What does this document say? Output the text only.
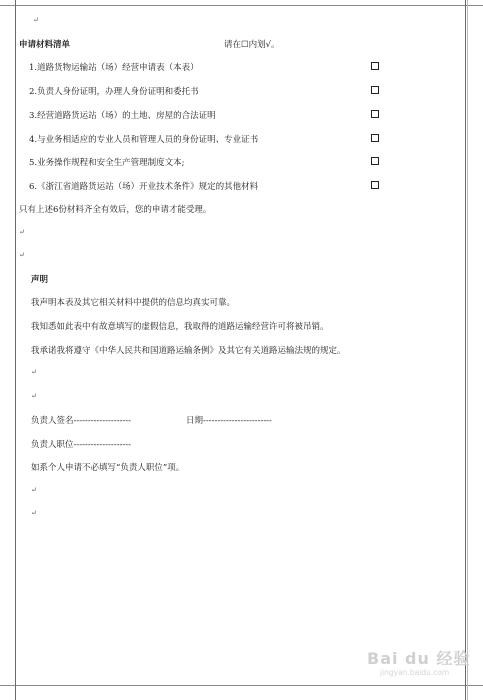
↵
申请材料清单	请在☐内划√。
1.道路货物运输站（场）经营申请表（本表）
2.负责人身份证明，办理人身份证明和委托书
3.经营道路货运站（场）的土地、房屋的合法证明
4.与业务相适应的专业人员和管理人员的身份证明、专业证书
5.业务操作规程和安全生产管理制度文本;
6.《浙江省道路货运站（场）开业技术条件》规定的其他材料
只有上述6份材料齐全有效后，您的申请才能受理。
↵
↵
声明
我声明本表及其它相关材料中提供的信息均真实可靠。
我知悉如此表中有故意填写的虚假信息，我取得的道路运输经营许可将被吊销。
我承诺我将遵守《中华人民共和国道路运输条例》及其它有关道路运输法规的规定。
↵
↵
负责人签名--------------------	日期------------------------
负责人职位--------------------
如系个人申请不必填写“负责人职位”项。
↵
↵
Bai du 经验
jingyan.baidu.com
